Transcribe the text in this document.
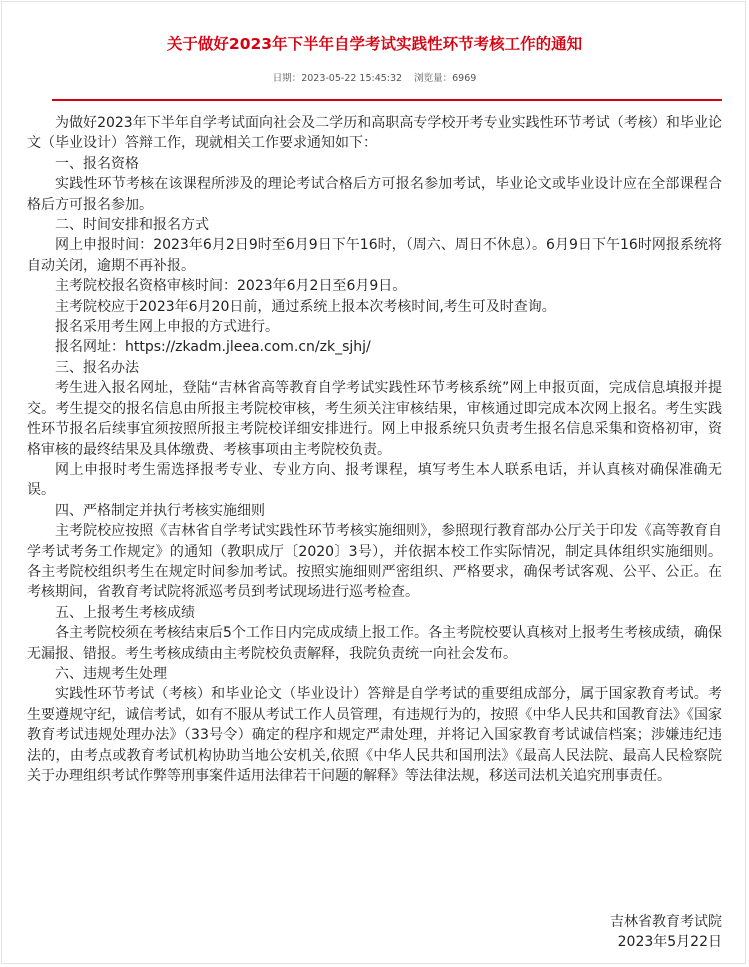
关于做好2023年下半年自学考试实践性环节考核工作的通知
日期：2023-05-22 15:45:32 浏览量：6969

为做好2023年下半年自学考试面向社会及二学历和高职高专学校开考专业实践性环节考试（考核）和毕业论文（毕业设计）答辩工作，现就相关工作要求通知如下：

一、报名资格

实践性环节考核在该课程所涉及的理论考试合格后方可报名参加考试，毕业论文或毕业设计应在全部课程合格后方可报名参加。

二、时间安排和报名方式

网上申报时间：2023年6月2日9时至6月9日下午16时，（周六、周日不休息）。6月9日下午16时网报系统将自动关闭，逾期不再补报。

主考院校报名资格审核时间：2023年6月2日至6月9日。

主考院校应于2023年6月20日前，通过系统上报本次考核时间,考生可及时查询。

报名采用考生网上申报的方式进行。

报名网址：https://zkadm.jleea.com.cn/zk_sjhj/

三、报名办法

考生进入报名网址，登陆“吉林省高等教育自学考试实践性环节考核系统”网上申报页面，完成信息填报并提交。考生提交的报名信息由所报主考院校审核，考生须关注审核结果，审核通过即完成本次网上报名。考生实践性环节报名后续事宜须按照所报主考院校详细安排进行。网上申报系统只负责考生报名信息采集和资格初审，资格审核的最终结果及具体缴费、考核事项由主考院校负责。

网上申报时考生需选择报考专业、专业方向、报考课程，填写考生本人联系电话，并认真核对确保准确无误。

四、严格制定并执行考核实施细则

主考院校应按照《吉林省自学考试实践性环节考核实施细则》，参照现行教育部办公厅关于印发《高等教育自学考试考务工作规定》的通知（教职成厅〔2020〕3号），并依据本校工作实际情况，制定具体组织实施细则。各主考院校组织考生在规定时间参加考试。按照实施细则严密组织、严格要求，确保考试客观、公平、公正。在考核期间，省教育考试院将派巡考员到考试现场进行巡考检查。

五、上报考生考核成绩

各主考院校须在考核结束后5个工作日内完成成绩上报工作。各主考院校要认真核对上报考生考核成绩，确保无漏报、错报。考生考核成绩由主考院校负责解释，我院负责统一向社会发布。

六、违规考生处理

实践性环节考试（考核）和毕业论文（毕业设计）答辩是自学考试的重要组成部分，属于国家教育考试。考生要遵规守纪，诚信考试，如有不服从考试工作人员管理，有违规行为的，按照《中华人民共和国教育法》《国家教育考试违规处理办法》（33号令）确定的程序和规定严肃处理，并将记入国家教育考试诚信档案；涉嫌违纪违法的，由考点或教育考试机构协助当地公安机关,依照《中华人民共和国刑法》《最高人民法院、最高人民检察院关于办理组织考试作弊等刑事案件适用法律若干问题的解释》等法律法规，移送司法机关追究刑事责任。

吉林省教育考试院
2023年5月22日
